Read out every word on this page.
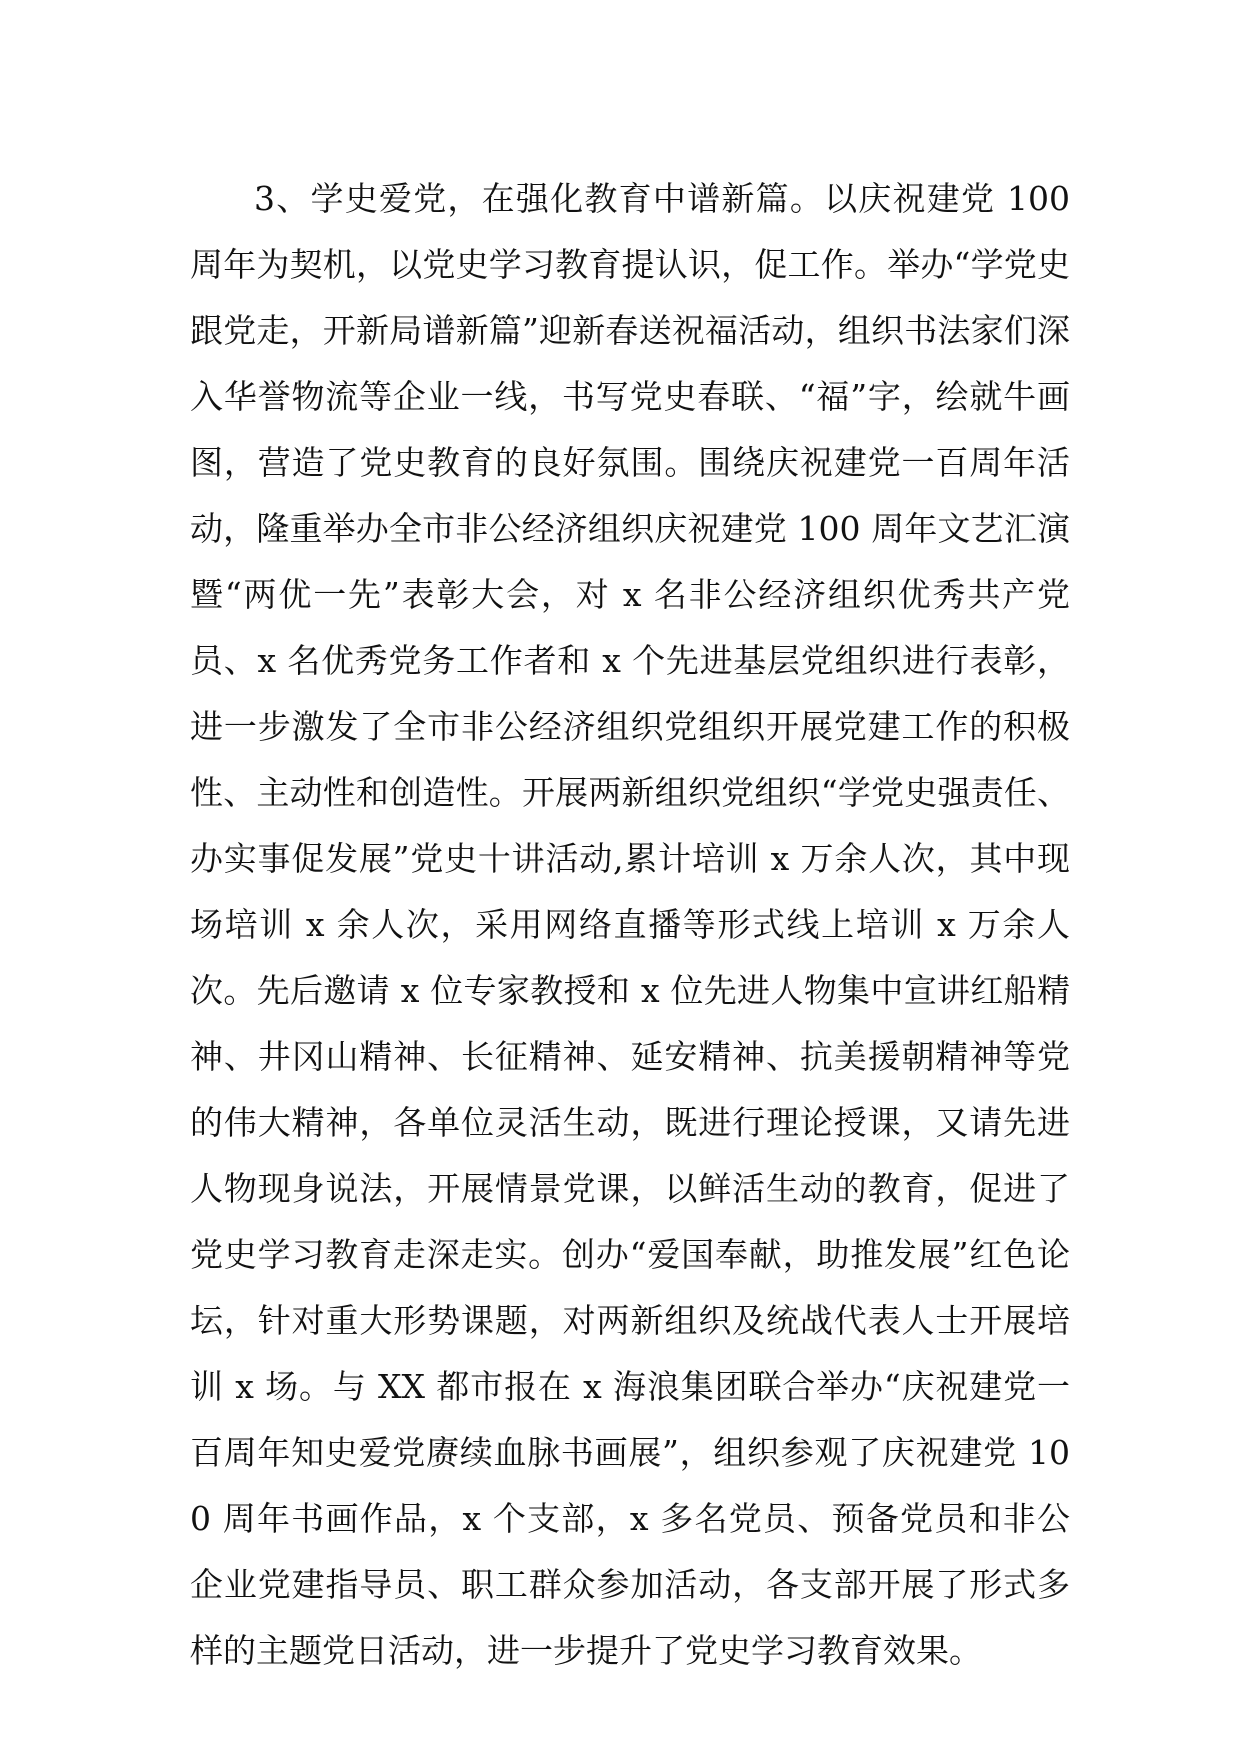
3、学史爱党，在强化教育中谱新篇。以庆祝建党 100 周年为契机，以党史学习教育提认识，促工作。举办“学党史跟党走，开新局谱新篇”迎新春送祝福活动，组织书法家们深入华誉物流等企业一线，书写党史春联、“福”字，绘就牛画图，营造了党史教育的良好氛围。围绕庆祝建党一百周年活动，隆重举办全市非公经济组织庆祝建党 100 周年文艺汇演暨“两优一先”表彰大会，对 x 名非公经济组织优秀共产党员、x 名优秀党务工作者和 x 个先进基层党组织进行表彰，进一步激发了全市非公经济组织党组织开展党建工作的积极性、主动性和创造性。开展两新组织党组织“学党史强责任、办实事促发展”党史十讲活动,累计培训 x 万余人次，其中现场培训 x 余人次，采用网络直播等形式线上培训 x 万余人次。先后邀请 x 位专家教授和 x 位先进人物集中宣讲红船精神、井冈山精神、长征精神、延安精神、抗美援朝精神等党的伟大精神，各单位灵活生动，既进行理论授课，又请先进人物现身说法，开展情景党课，以鲜活生动的教育，促进了党史学习教育走深走实。创办“爱国奉献，助推发展”红色论坛，针对重大形势课题，对两新组织及统战代表人士开展培训 x 场。与 XX 都市报在 x 海浪集团联合举办“庆祝建党一百周年知史爱党赓续血脉书画展”，组织参观了庆祝建党 100 周年书画作品，x 个支部，x 多名党员、预备党员和非公企业党建指导员、职工群众参加活动，各支部开展了形式多样的主题党日活动，进一步提升了党史学习教育效果。
